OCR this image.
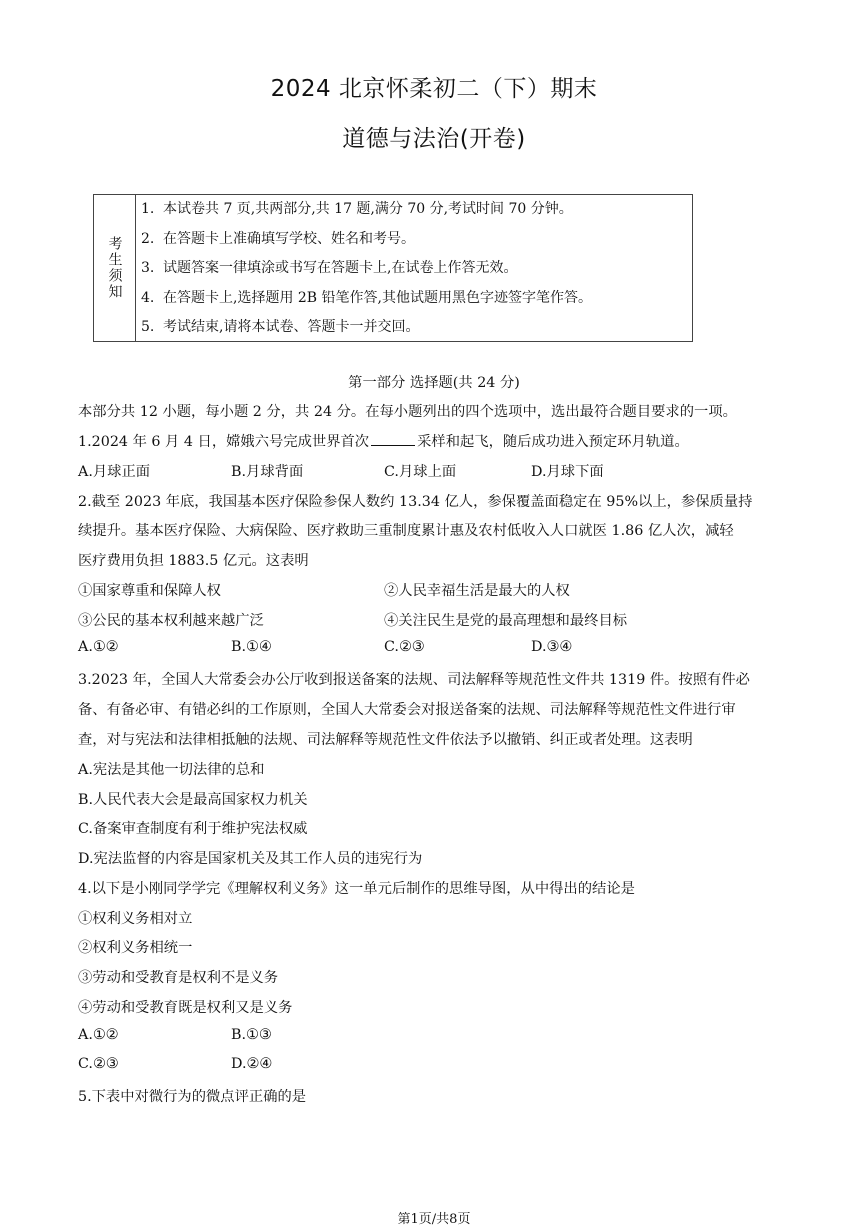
2024 北京怀柔初二（下）期末
道德与法治(开卷)
考生须知
1. 本试卷共 7 页,共两部分,共 17 题,满分 70 分,考试时间 70 分钟。
2. 在答题卡上准确填写学校、姓名和考号。
3. 试题答案一律填涂或书写在答题卡上,在试卷上作答无效。
4. 在答题卡上,选择题用 2B 铅笔作答,其他试题用黑色字迹签字笔作答。
5. 考试结束,请将本试卷、答题卡一并交回。
第一部分 选择题(共 24 分)
本部分共 12 小题，每小题 2 分，共 24 分。在每小题列出的四个选项中，选出最符合题目要求的一项。
1.2024 年 6 月 4 日，嫦娥六号完成世界首次	采样和起飞，随后成功进入预定环月轨道。
A.月球正面	B.月球背面	C.月球上面	D.月球下面
2.截至 2023 年底，我国基本医疗保险参保人数约 13.34 亿人，参保覆盖面稳定在 95%以上，参保质量持
续提升。基本医疗保险、大病保险、医疗救助三重制度累计惠及农村低收入人口就医 1.86 亿人次，减轻
医疗费用负担 1883.5 亿元。这表明
①国家尊重和保障人权	②人民幸福生活是最大的人权
③公民的基本权利越来越广泛	④关注民生是党的最高理想和最终目标
A.①②	B.①④	C.②③	D.③④
3.2023 年，全国人大常委会办公厅收到报送备案的法规、司法解释等规范性文件共 1319 件。按照有件必
备、有备必审、有错必纠的工作原则，全国人大常委会对报送备案的法规、司法解释等规范性文件进行审
查，对与宪法和法律相抵触的法规、司法解释等规范性文件依法予以撤销、纠正或者处理。这表明
A.宪法是其他一切法律的总和
B.人民代表大会是最高国家权力机关
C.备案审查制度有利于维护宪法权威
D.宪法监督的内容是国家机关及其工作人员的违宪行为
4.以下是小刚同学学完《理解权利义务》这一单元后制作的思维导图，从中得出的结论是
①权利义务相对立
②权利义务相统一
③劳动和受教育是权利不是义务
④劳动和受教育既是权利又是义务
A.①②	B.①③
C.②③	D.②④
5.下表中对微行为的微点评正确的是
第1页/共8页
